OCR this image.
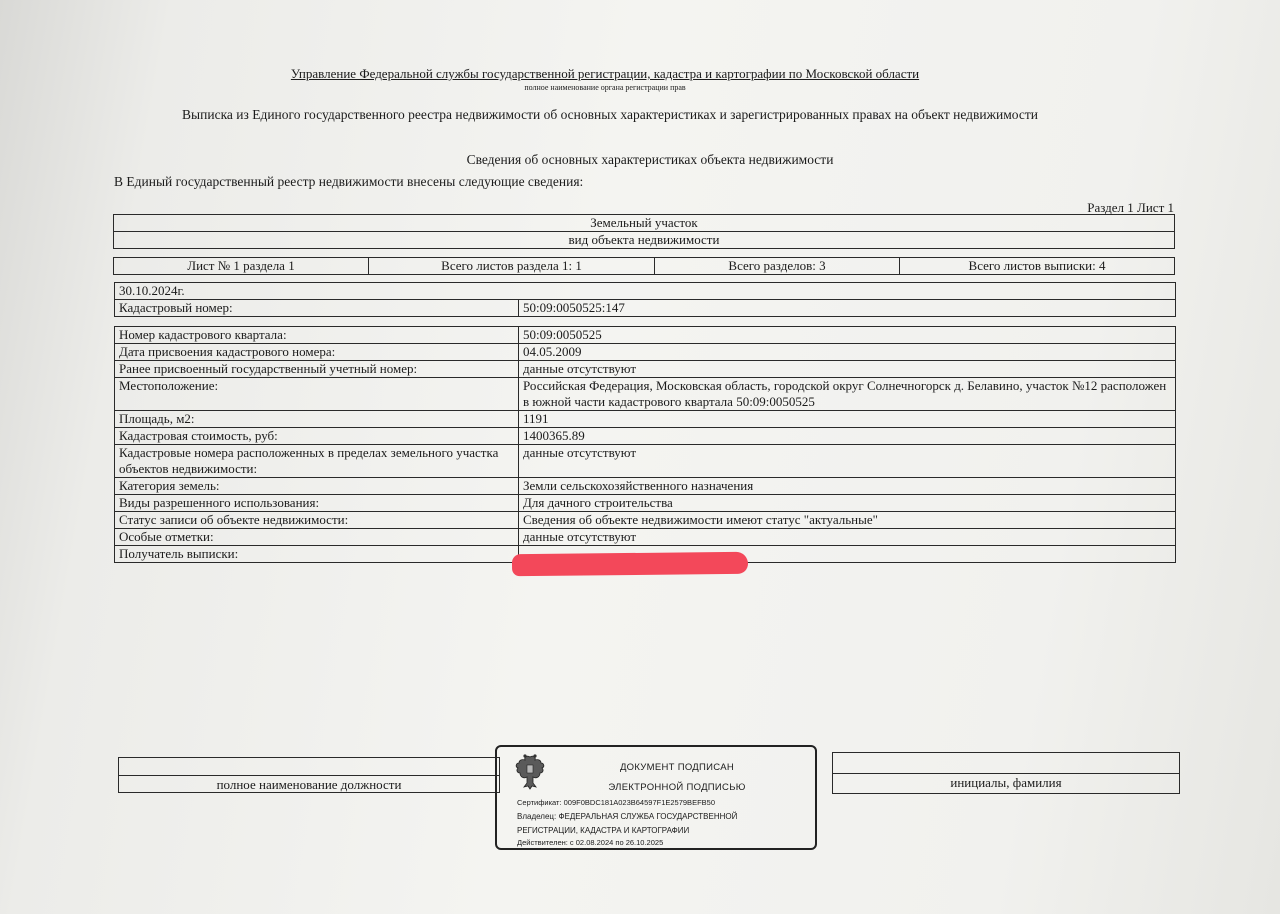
Управление Федеральной службы государственной регистрации, кадастра и картографии по Московской области
полное наименование органа регистрации прав
Выписка из Единого государственного реестра недвижимости об основных характеристиках и зарегистрированных правах на объект недвижимости
Сведения об основных характеристиках объекта недвижимости
В Единый государственный реестр недвижимости внесены следующие сведения:
Раздел 1 Лист 1
Земельный участок
вид объекта недвижимости
Лист № 1 раздела 1	Всего листов раздела 1: 1	Всего разделов: 3	Всего листов выписки: 4
30.10.2024г.
Кадастровый номер:	50:09:0050525:147
Номер кадастрового квартала:	50:09:0050525
Дата присвоения кадастрового номера:	04.05.2009
Ранее присвоенный государственный учетный номер:	данные отсутствуют
Местоположение:	Российская Федерация, Московская область, городской округ Солнечногорск д. Белавино, участок №12 расположен в южной части кадастрового квартала 50:09:0050525
Площадь, м2:	1191
Кадастровая стоимость, руб:	1400365.89
Кадастровые номера расположенных в пределах земельного участка объектов недвижимости:	данные отсутствуют
Категория земель:	Земли сельскохозяйственного назначения
Виды разрешенного использования:	Для дачного строительства
Статус записи об объекте недвижимости:	Сведения об объекте недвижимости имеют статус "актуальные"
Особые отметки:	данные отсутствуют
Получатель выписки:	
полное наименование должности	инициалы, фамилия
ДОКУМЕНТ ПОДПИСАН
ЭЛЕКТРОННОЙ ПОДПИСЬЮ
Сертификат: 009F0BDC181A023B64597F1E2579BEFB50
Владелец: ФЕДЕРАЛЬНАЯ СЛУЖБА ГОСУДАРСТВЕННОЙ
РЕГИСТРАЦИИ, КАДАСТРА И КАРТОГРАФИИ
Действителен: с 02.08.2024 по 26.10.2025
